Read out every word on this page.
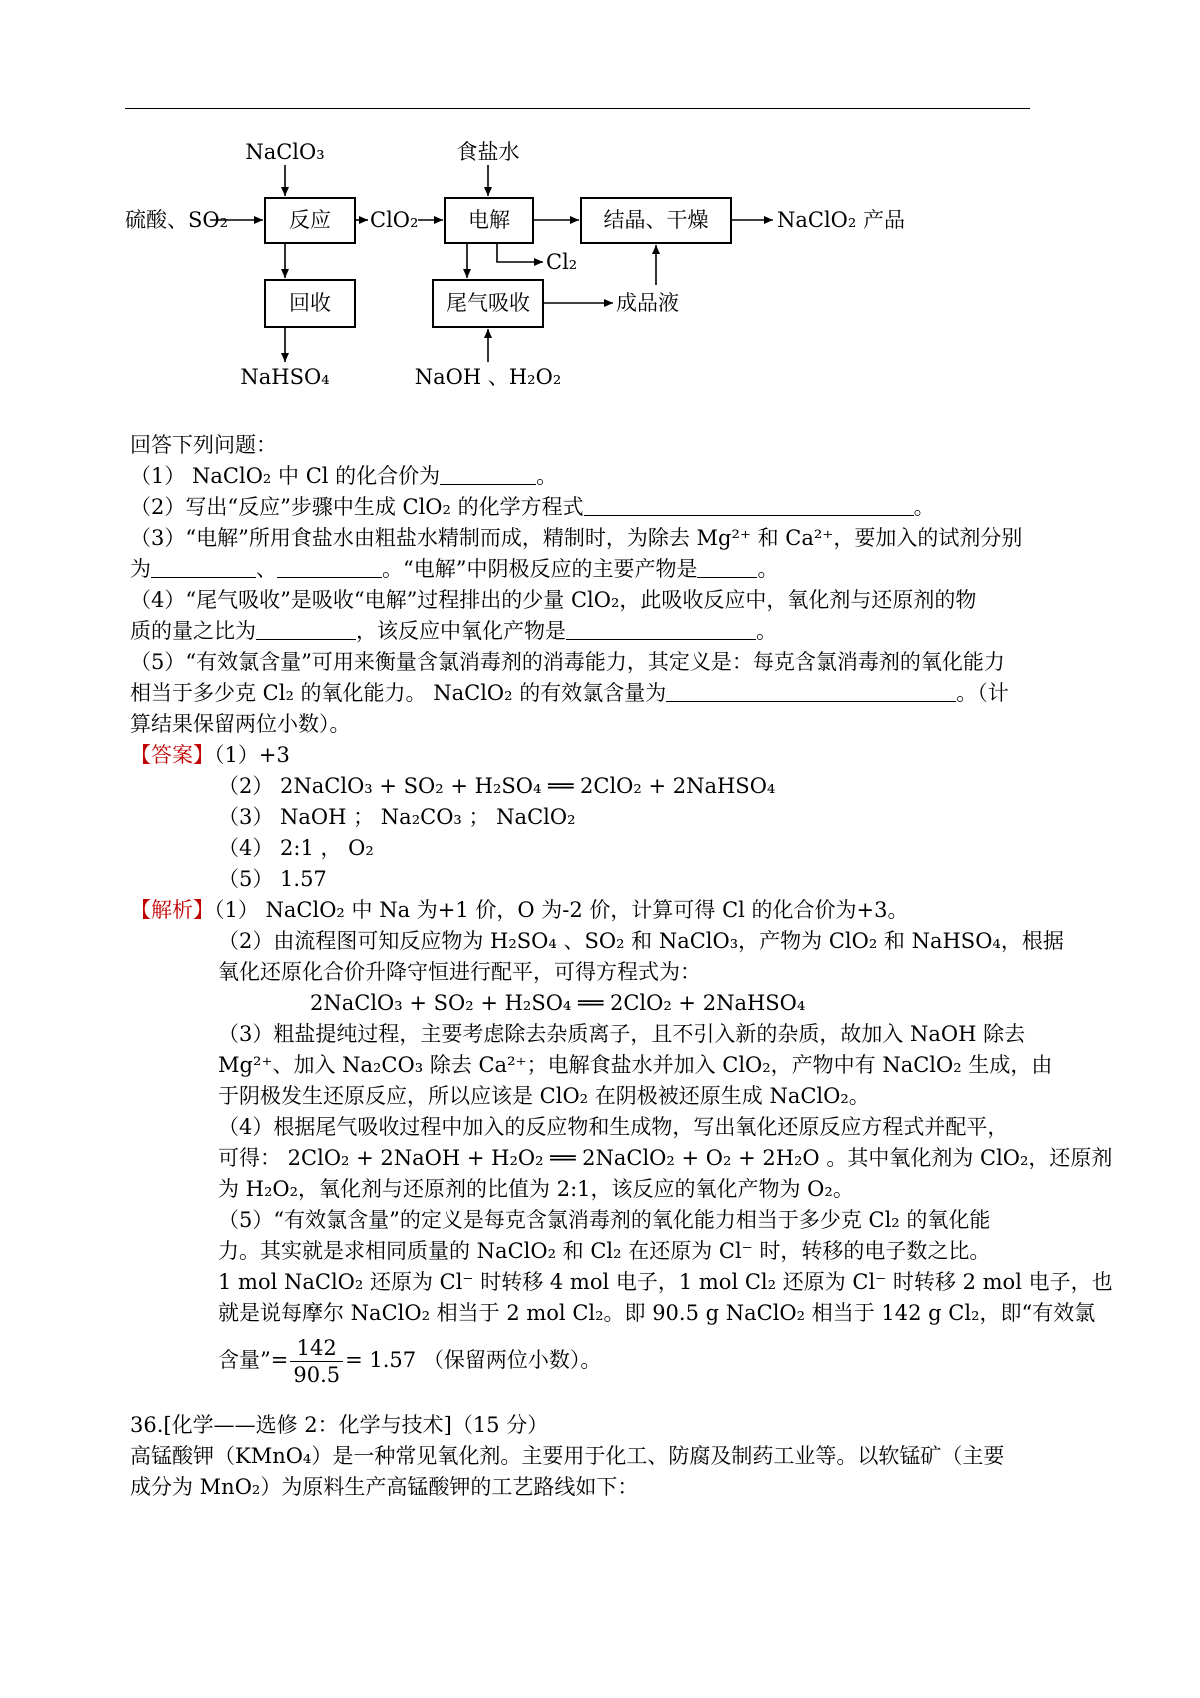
NaClO₃
硫酸、SO₂	反应
回收
NaHSO₄
ClO₂
食盐水
电解	结晶、干燥	NaClO₂ 产品
Cl₂
尾气吸收	成品液
NaOH 、H₂O₂
回答下列问题：
（1） NaClO₂ 中 Cl 的化合价为	。
（2）写出“反应”步骤中生成 ClO₂ 的化学方程式	。
（3）“电解”所用食盐水由粗盐水精制而成，精制时，为除去 Mg²⁺ 和 Ca²⁺，要加入的试剂分别
为	、	。“电解”中阴极反应的主要产物是	。
（4）“尾气吸收”是吸收“电解”过程排出的少量 ClO₂，此吸收反应中，氧化剂与还原剂的物
质的量之比为	，该反应中氧化产物是	。
（5）“有效氯含量”可用来衡量含氯消毒剂的消毒能力，其定义是：每克含氯消毒剂的氧化能力
相当于多少克 Cl₂ 的氧化能力。 NaClO₂ 的有效氯含量为	。（计
算结果保留两位小数）。
【答案】（1）+3
（2） 2NaClO₃ + SO₂ + H₂SO₄ ══ 2ClO₂ + 2NaHSO₄
（3） NaOH ； Na₂CO₃ ； NaClO₂
（4） 2:1 ， O₂
（5） 1.57
【解析】（1） NaClO₂ 中 Na 为+1 价，O 为-2 价，计算可得 Cl 的化合价为+3。
（2）由流程图可知反应物为 H₂SO₄ 、SO₂ 和 NaClO₃，产物为 ClO₂ 和 NaHSO₄，根据
氧化还原化合价升降守恒进行配平，可得方程式为：
2NaClO₃ + SO₂ + H₂SO₄ ══ 2ClO₂ + 2NaHSO₄
（3）粗盐提纯过程，主要考虑除去杂质离子，且不引入新的杂质，故加入 NaOH 除去
Mg²⁺、加入 Na₂CO₃ 除去 Ca²⁺；电解食盐水并加入 ClO₂，产物中有 NaClO₂ 生成，由
于阴极发生还原反应，所以应该是 ClO₂ 在阴极被还原生成 NaClO₂。
（4）根据尾气吸收过程中加入的反应物和生成物，写出氧化还原反应方程式并配平，
可得： 2ClO₂ + 2NaOH + H₂O₂ ══ 2NaClO₂ + O₂ + 2H₂O 。其中氧化剂为 ClO₂，还原剂
为 H₂O₂，氧化剂与还原剂的比值为 2:1，该反应的氧化产物为 O₂。
（5）“有效氯含量”的定义是每克含氯消毒剂的氧化能力相当于多少克 Cl₂ 的氧化能
力。其实就是求相同质量的 NaClO₂ 和 Cl₂ 在还原为 Cl⁻ 时，转移的电子数之比。
1 mol NaClO₂ 还原为 Cl⁻ 时转移 4 mol 电子，1 mol Cl₂ 还原为 Cl⁻ 时转移 2 mol 电子，也
就是说每摩尔 NaClO₂ 相当于 2 mol Cl₂。即 90.5 g NaClO₂ 相当于 142 g Cl₂，即“有效氯
含量”= $\frac{142}{90.5} = 1.57$ （保留两位小数）。
36.[化学——选修 2：化学与技术]（15 分）
高锰酸钾（KMnO₄）是一种常见氧化剂。主要用于化工、防腐及制药工业等。以软锰矿（主要
成分为 MnO₂）为原料生产高锰酸钾的工艺路线如下：
